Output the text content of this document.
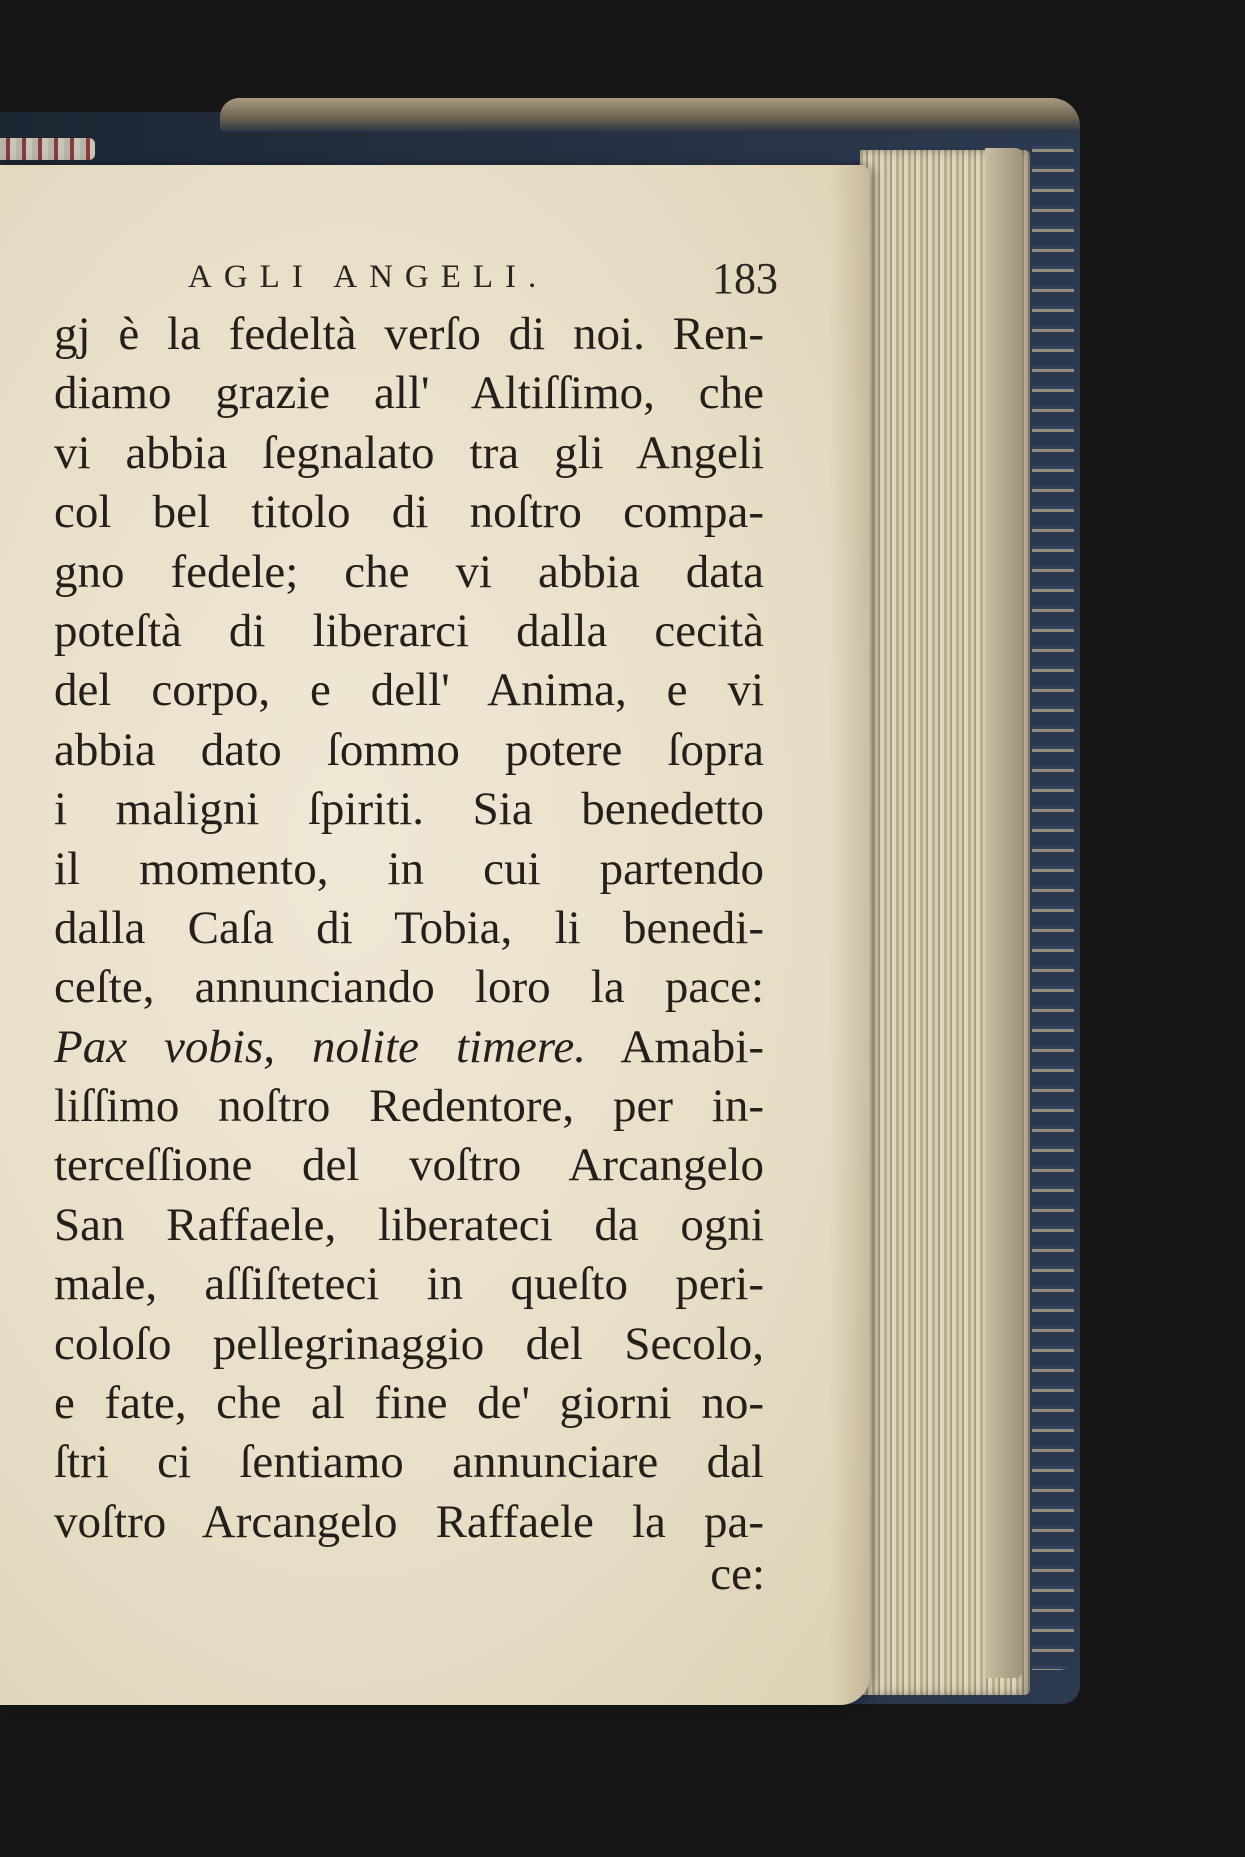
AGLI ANGELI.	183
gj è la fedeltà verſo di noi. Ren-
diamo grazie all' Altiſſimo, che
vi abbia ſegnalato tra gli Angeli
col bel titolo di noſtro compa-
gno fedele; che vi abbia data
poteſtà di liberarci dalla cecità
del corpo, e dell' Anima, e vi
abbia dato ſommo potere ſopra
i maligni ſpiriti. Sia benedetto
il momento, in cui partendo
dalla Caſa di Tobia, li benedi-
ceſte, annunciando loro la pace:
Pax vobis, nolite timere. Amabi-
liſſimo noſtro Redentore, per in-
terceſſione del voſtro Arcangelo
San Raffaele, liberateci da ogni
male, aſſiſteteci in queſto peri-
coloſo pellegrinaggio del Secolo,
e fate, che al fine de' giorni no-
ſtri ci ſentiamo annunciare dal
voſtro Arcangelo Raffaele la pa-
ce:
